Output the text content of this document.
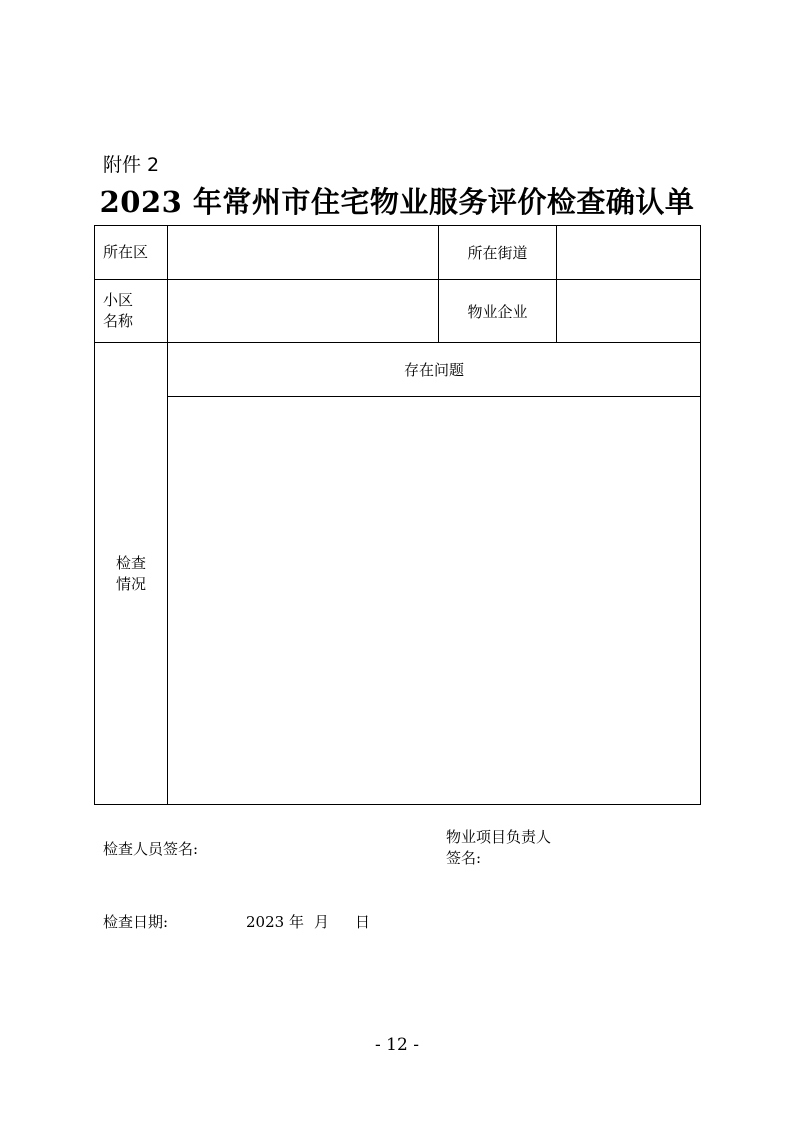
附件 2
2023 年常州市住宅物业服务评价检查确认单
所在区		所在街道	

小区
名称		物业企业	

检查
情况	存在问题		

检查人员签名:
物业项目负责人签名:
检查日期:	2023 年 月 日
- 12 -
